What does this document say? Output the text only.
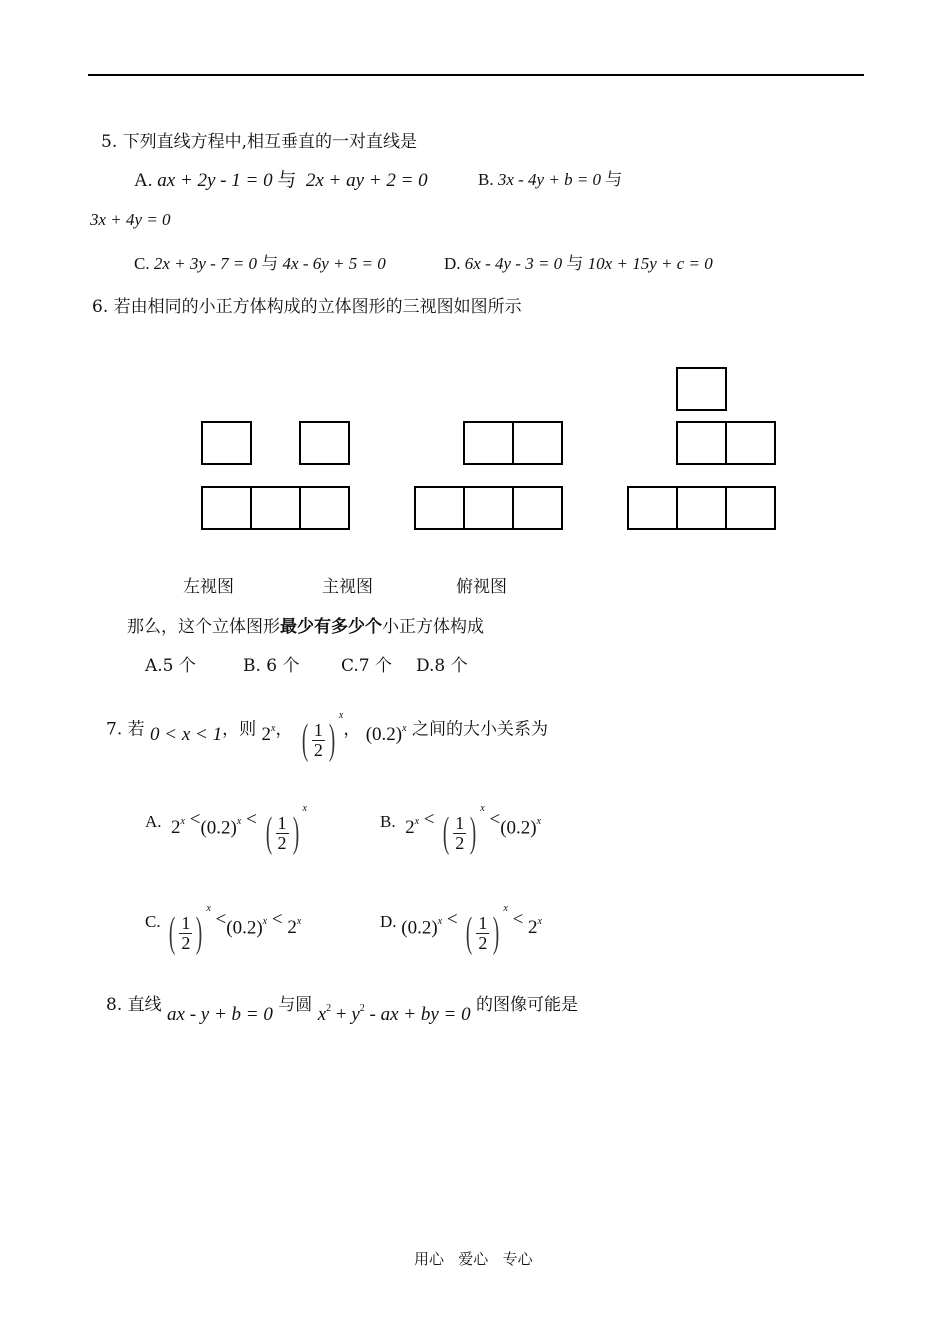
5. 下列直线方程中,相互垂直的一对直线是
A. ax + 2y - 1 = 0 与 2x + ay + 2 = 0	B. 3x - 4y + b = 0 与
3x + 4y = 0
C. 2x + 3y - 7 = 0 与 4x - 6y + 5 = 0	D. 6x - 4y - 3 = 0 与 10x + 15y + c = 0
6. 若由相同的小正方体构成的立体图形的三视图如图所示
左视图	主视图	俯视图
那么，这个立体图形最少有多少个小正方体构成
A.5 个	B. 6 个 C.7 个 D.8 个
7. 若 0 < x < 1，则 2$^x$， ( $\frac{1}{2} )^x$， $(0.2)^x$ 之间的大小关系为
A. $2^x <(0.2)^x$ < ( $\frac{1}{2} )^x$
B. $2^x$ < ( $\frac{1}{2} )^x <(0.2)^x$
C. ( $\frac{1}{2} )^x <(0.2)^x < 2^x$	D. $(0.2)^x$ < ( $\frac{1}{2} )^x < 2^x$
8. 直线 ax - y + b = 0 与圆 $x^2 + y^2$ - ax + by = 0 的图像可能是
用心   爱心   专心
